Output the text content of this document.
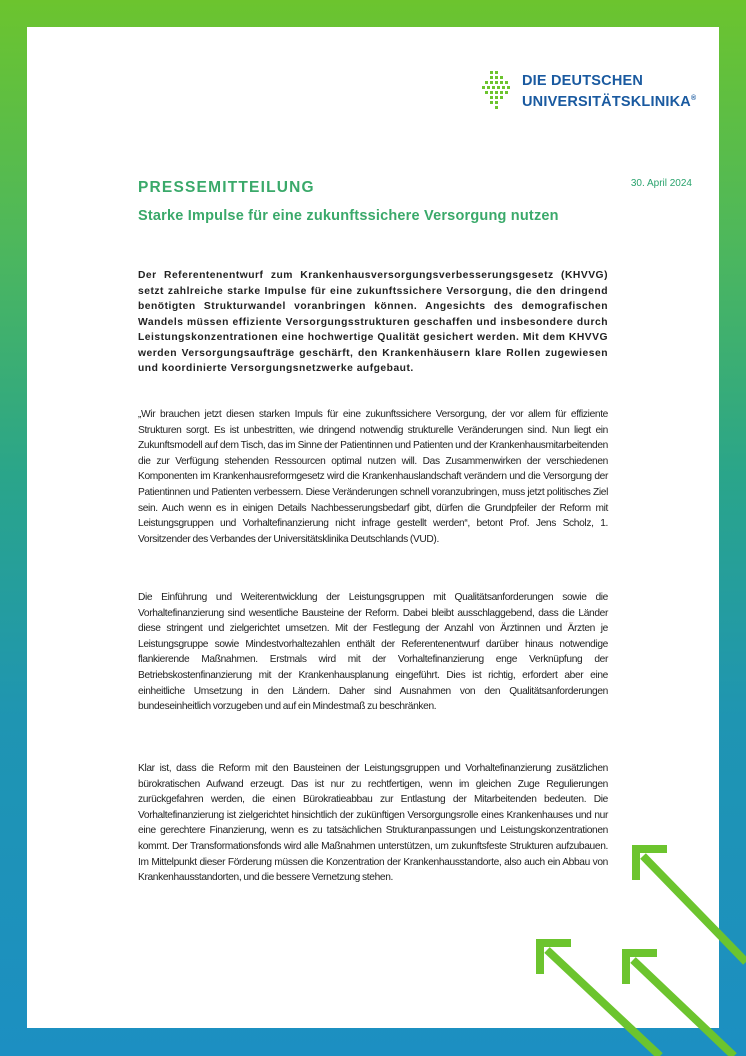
DIE DEUTSCHEN
UNIVERSITÄTSKLINIKA®
30. April 2024
PRESSEMITTEILUNG
Starke Impulse für eine zukunftssichere Versorgung nutzen
Der Referentenentwurf zum Krankenhausversorgungsverbesserungsgesetz (KHVVG) setzt zahlreiche starke Impulse für eine zukunftssichere Versorgung, die den dringend benötigten Strukturwandel voranbringen können. Angesichts des demografischen Wandels müssen effiziente Versorgungsstrukturen geschaffen und insbesondere durch Leistungskonzentrationen eine hochwertige Qualität gesichert werden. Mit dem KHVVG werden Versorgungsaufträge geschärft, den Krankenhäusern klare Rollen zugewiesen und koordinierte Versorgungsnetzwerke aufgebaut.
„Wir brauchen jetzt diesen starken Impuls für eine zukunftssichere Versorgung, der vor allem für effiziente Strukturen sorgt. Es ist unbestritten, wie dringend notwendig strukturelle Veränderungen sind. Nun liegt ein Zukunftsmodell auf dem Tisch, das im Sinne der Patientinnen und Patienten und der Krankenhausmitarbeitenden die zur Verfügung stehenden Ressourcen optimal nutzen will. Das Zusammenwirken der verschiedenen Komponenten im Krankenhausreformgesetz wird die Krankenhauslandschaft verändern und die Versorgung der Patientinnen und Patienten verbessern. Diese Veränderungen schnell voranzubringen, muss jetzt politisches Ziel sein. Auch wenn es in einigen Details Nachbesserungsbedarf gibt, dürfen die Grundpfeiler der Reform mit Leistungsgruppen und Vorhaltefinanzierung nicht infrage gestellt werden“, betont Prof. Jens Scholz, 1. Vorsitzender des Verbandes der Universitätsklinika Deutschlands (VUD).
Die Einführung und Weiterentwicklung der Leistungsgruppen mit Qualitätsanforderungen sowie die Vorhaltefinanzierung sind wesentliche Bausteine der Reform. Dabei bleibt ausschlaggebend, dass die Länder diese stringent und zielgerichtet umsetzen. Mit der Festlegung der Anzahl von Ärztinnen und Ärzten je Leistungsgruppe sowie Mindestvorhaltezahlen enthält der Referentenentwurf darüber hinaus notwendige flankierende Maßnahmen. Erstmals wird mit der Vorhaltefinanzierung enge Verknüpfung der Betriebskostenfinanzierung mit der Krankenhausplanung eingeführt. Dies ist richtig, erfordert aber eine einheitliche Umsetzung in den Ländern. Daher sind Ausnahmen von den Qualitätsanforderungen bundeseinheitlich vorzugeben und auf ein Mindestmaß zu beschränken.
Klar ist, dass die Reform mit den Bausteinen der Leistungsgruppen und Vorhaltefinanzierung zusätzlichen bürokratischen Aufwand erzeugt. Das ist nur zu rechtfertigen, wenn im gleichen Zuge Regulierungen zurückgefahren werden, die einen Bürokratieabbau zur Entlastung der Mitarbeitenden bedeuten. Die Vorhaltefinanzierung ist zielgerichtet hinsichtlich der zukünftigen Versorgungsrolle eines Krankenhauses und nur eine gerechtere Finanzierung, wenn es zu tatsächlichen Strukturanpassungen und Leistungskonzentrationen kommt. Der Transformationsfonds wird alle Maßnahmen unterstützen, um zukunftsfeste Strukturen aufzubauen. Im Mittelpunkt dieser Förderung müssen die Konzentration der Krankenhausstandorte, also auch ein Abbau von Krankenhausstandorten, und die bessere Vernetzung stehen.
